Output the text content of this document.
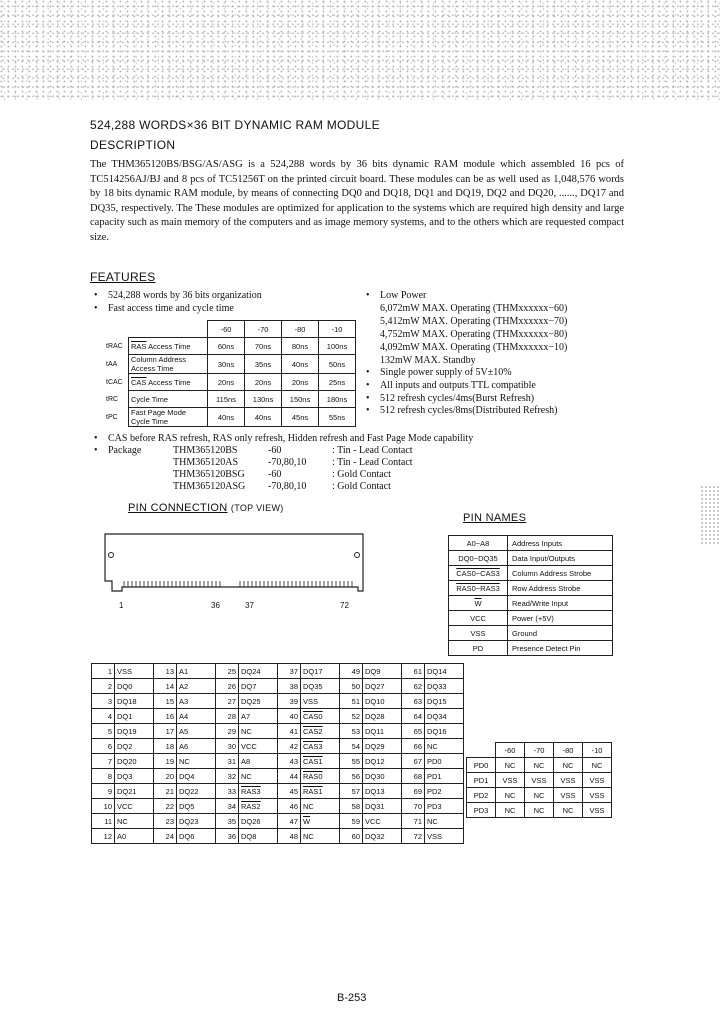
524,288 WORDS×36 BIT DYNAMIC RAM MODULE
DESCRIPTION
The THM365120BS/BSG/AS/ASG is a 524,288 words by 36 bits dynamic RAM module which assembled 16 pcs of TC514256AJ/BJ and 8 pcs of TC51256T on the printed circuit board. These modules can be as well used as 1,048,576 words by 18 bits dynamic RAM module, by means of connecting DQ0 and DQ18, DQ1 and DQ19, DQ2 and DQ20, ......, DQ17 and DQ35, respectively. The These modules are optimized for application to the systems which are required high density and large capacity such as main memory of the computers and as image memory systems, and to the others which are requested compact size.
FEATURES
• 524,288 words by 36 bits organization
• Fast access time and cycle time
		-60	-70	-80	-10
tRAC	$\overline{RAS}$ Access Time	60ns	70ns	80ns	100ns
tAA	Column Address Access Time	30ns	35ns	40ns	50ns
tCAC	$\overline{CAS}$ Access Time	20ns	20ns	20ns	25ns
tRC	Cycle Time	115ns	130ns	150ns	180ns
tPC	Fast Page Mode Cycle Time	40ns	40ns	45ns	55ns
• Low Power
6,072mW MAX. Operating (THMxxxxxx−60)
5,412mW MAX. Operating (THMxxxxxx−70)
4,752mW MAX. Operating (THMxxxxxx−80)
4,092mW MAX. Operating (THMxxxxxx−10)
132mW MAX. Standby
• Single power supply of 5V±10%
• All inputs and outputs TTL compatible
• 512 refresh cycles/4ms(Burst Refresh)
• 512 refresh cycles/8ms(Distributed Refresh)
• CAS before RAS refresh, RAS only refresh, Hidden refresh and Fast Page Mode capability
• Package	THM365120BS	-60	: Tin - Lead Contact
THM365120AS	-70,80,10	: Tin - Lead Contact
THM365120BSG -60	: Gold Contact
THM365120ASG -70,80,10	: Gold Contact
PIN CONNECTION (TOP VIEW)
1	36	37	72
PIN NAMES
A0~A8	Address Inputs
DQ0~DQ35	Data Input/Outputs
CAS0~CAS3	Column Address Strobe
RAS0~RAS3	Row Address Strobe
$\overline{W}$	Read/Write Input
VCC	Power (+5V)
VSS	Ground
PD	Presence Detect Pin
1	VSS	13	A1	25	DQ24	37	DQ17	49	DQ9	61	DQ14
2	DQ0	14	A2	26	DQ7	38	DQ35	50	DQ27	62	DQ33
3	DQ18	15	A3	27	DQ25	39	VSS	51	DQ10	63	DQ15
4	DQ1	16	A4	28	A7	40	CAS0	52	DQ28	64	DQ34
5	DQ19	17	A5	29	NC	41	CAS2	53	DQ11	65	DQ16
6	DQ2	18	A6	30	VCC	42	CAS3	54	DQ29	66	NC
7	DQ20	19	NC	31	A8	43	CAS1	55	DQ12	67	PD0
8	DQ3	20	DQ4	32	NC	44	RAS0	56	DQ30	68	PD1
9	DQ21	21	DQ22	33	RAS3	45	RAS1	57	DQ13	69	PD2
10	VCC	22	DQ5	34	RAS2	46	NC	58	DQ31	70	PD3
11	NC	23	DQ23	35	DQ26	47	$\overline{W}$	59	VCC	71	NC
12	A0	24	DQ6	36	DQ8	48	NC	60	DQ32	72	VSS
	-60	-70	-80	-10
PD0	NC	NC	NC	NC
PD1	VSS	VSS	VSS	VSS
PD2	NC	NC	VSS	VSS
PD3	NC	NC	NC	VSS
B-253
